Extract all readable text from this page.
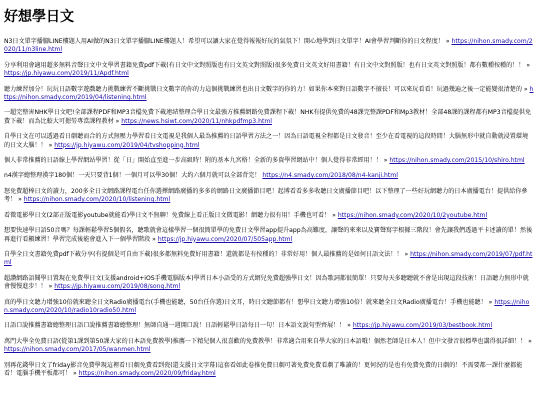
好想學日文
N3日文單字播腳LINE樓題人用AI做的N3日文單字播腳LINE樓題人！希望可以讓大家在覺得報報好玩的氣氛下！開心地學到日文單字！AI會學習判斷你的日文程度！ » https://nihon.smady.com/2020/11/n3line.html
分享利用會適用超多無料音聲日文中文學習書籍免費pdf下載(有日文中文對照版也有日文英文對照版)很多免費日文英文好用書籍！有日文中文對照版！也有日文英文對照版！都有數種按種的！！ » https://jp.hiyawu.com/2019/11/Apdf.html
聽力練習加分！玩玩日語數字遊戲聽力挑戰練習不斷挑戰日文數字的你的力這個挑戰練習也出日文數字的你的力！如果你本來對日語數字不擅長！可以來玩看看！玩過幾遍之後一定能變很清楚的 » https://nihon.smady.com/2019/04/listening.html
一超完整害NHK學日文吧!全部課程PDF和MP3音檔免費下載連結整理合學日文最強方推薦網路免費課程下載！NHK有提供免費的48課完整課PDF和Mp3教材！全部48課的課程都有MP3音檔提供免費下載！而為比較大可摁勞專當課程教材 » https://news.hsiwt.com/2020/11/nhkpdfmp3.html
自學日文在可以透過看日劇聽而合的方式無壓力學習看日文電視是我個人最為推薦的日語學習方法之一！因為日語電視全程都是日文發音！至少在看電視的這段時間！大腦無形中就自動就浸置環境的日文大腦！！ » https://jp.hiyawu.com/2019/04/tvshopping.html
個人非常推薦的日語線上學習網站學習！從「日」開始直至進一步高級時！附的基本九宮格！全新的多資學習網站中！個人覺得非常經用！！ » https://nihon.smady.com/2015/10/shiro.html
n4漢字總整理漢字180個！一天只要背1個！一個月可以學30個！大約六個月就可以全部背完！ https://n4.smady.com/2018/08/n4-kanji.html
怒免費超棒日文的讀力，200多全日文網路課程電台任你選擇網路廣播的多多的網路日文廣播節目吧！起博看看多多收聽日文廣播節目吧！以下整理了一些好玩網聽力的日本廣播電台！提供給你參考！ » https://nihon.smady.com/2020/10/listening.html
看微電影學日文(2部正版電影youtube就能看)學日文不無聊！免費線上看正版日文微電影！網聽力很有用！手機也可看！ » https://nihon.smady.com/2020/10/2youtube.html
想要快速學日語50音嗎？每課輕鬆學習5個假名，聽歌就會這樣學習一個很簡單學的免費日文學習app提升app為高難度，讓聲的來來以及寶聲寫字根據三階段！會先讓我們透過平卡述讀的單！然後再進行看顯練習！學習完成後能會進入下一個學習階段 » https://jp.hiyawu.com/2020/07/505app.html
自學全日文書籍免費pdf下載分享(有提個是可自由下載)很多都無料免費好用書籍！還就都是有按種的！非常好用！個人最推薦的是如何日語文法！！ » https://nihon.smady.com/2019/07/pdf.html
超讚網路語聞學日置現在免費學日文(支援android+iOS手機電腦版本)學習日本小語受的方式網兒免費超強學日文！因為歌詞都很簡單！只要每天多聽聽就不會是出現這段技術！日語聽力無形中就會慢慢進步！！ » https://jp.hiyawu.com/2019/08/song.html
真的學日文聽力增強10倍就來聽全日文Radio廣播電台(手機也能聽，50台任你選)日文耳，時日文聽節都有！想學日文聽力增強10倍！就來聽全日文Radio廣播電台！手機也能聽！ » https://nihon.smady.com/2020/10/radio10radio50.html
日語口說推薦書籍總整理日語口說推薦書籍總整理！無師自通一週開口說！日語輕鬆學日語每日一句！日本語文說句型齊展！！ » https://jp.hiyawu.com/2019/03/bestbook.html
萬門大學全免費日語(從第1課到第50課大家的日本語免費教學)推薦一下精兒個人很喜歡的免費教學！非常適合用來自學大家的日本語哦！個然老師是日本人！但中文發音很標準也講得很詳細！！ » https://nihon.smady.com/2017/05/wanmen.html
別再花錢學日文了friday影音免費學現這裡看!日劇免費看到瓷(還支援日文字幕)這套看如此卷推免費日劇可著免費免費看劇了唯讀的！更何況的是也有免費免費的日劇的！不需要都一課什麼都能看！電腦手機平板都可！ » https://nihon.smady.com/2020/09/friday.html
